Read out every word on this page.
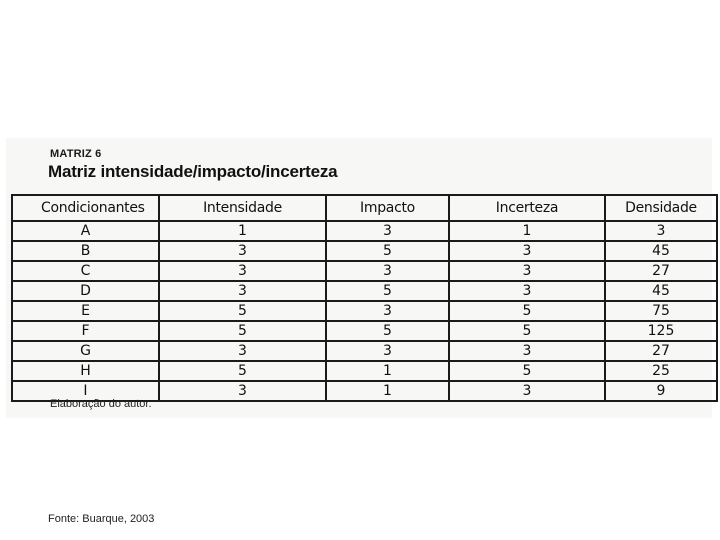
MATRIZ 6
Matriz intensidade/impacto/incerteza
Condicionantes	Intensidade	Impacto	Incerteza	Densidade
A	1	3	1	3
B	3	5	3	45
C	3	3	3	27
D	3	5	3	45
E	5	3	5	75
F	5	5	5	125
G	3	3	3	27
H	5	1	5	25
I	3	1	3	9
Elaboração do autor.
Fonte: Buarque, 2003
